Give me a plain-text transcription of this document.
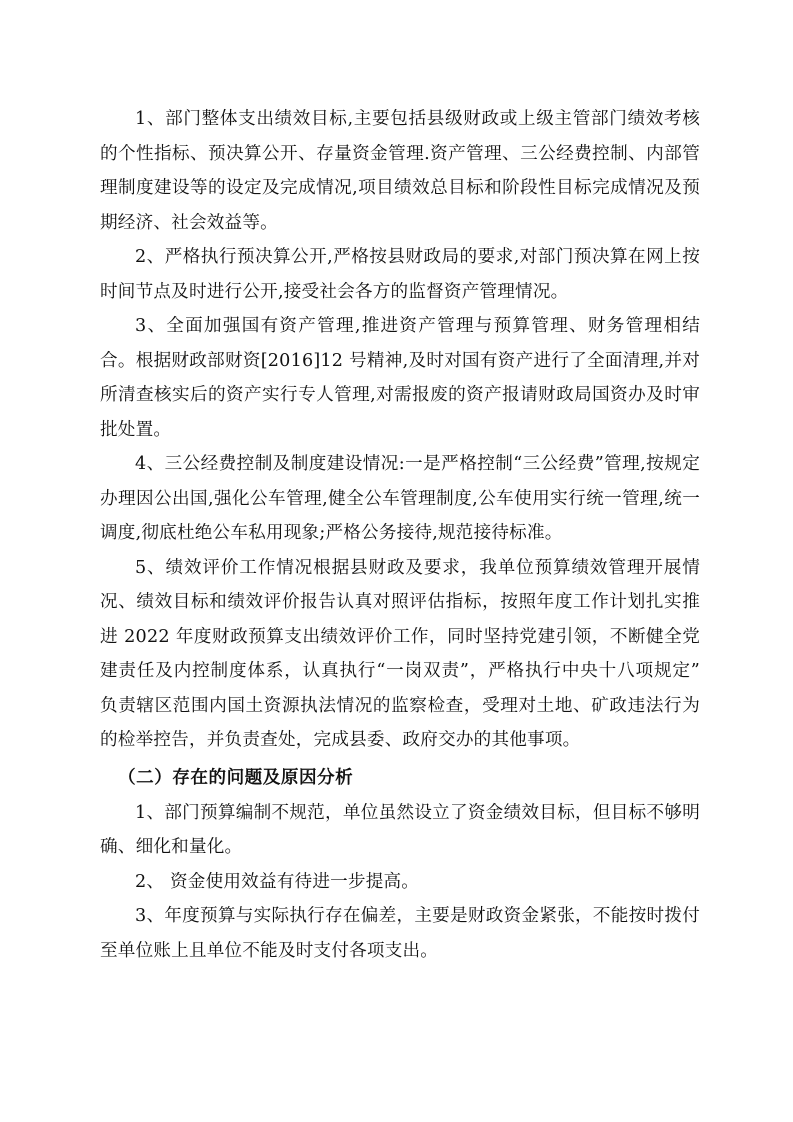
1、部门整体支出绩效目标,主要包括县级财政或上级主管部门绩效考核的个性指标、预决算公开、存量资金管理.资产管理、三公经费控制、内部管理制度建设等的设定及完成情况,项目绩效总目标和阶段性目标完成情况及预期经济、社会效益等。

2、严格执行预决算公开,严格按县财政局的要求,对部门预决算在网上按时间节点及时进行公开,接受社会各方的监督资产管理情况。

3、全面加强国有资产管理,推进资产管理与预算管理、财务管理相结合。根据财政部财资[2016]12 号精神,及时对国有资产进行了全面清理,并对所清查核实后的资产实行专人管理,对需报废的资产报请财政局国资办及时审批处置。

4、三公经费控制及制度建设情况:一是严格控制“三公经费”管理,按规定办理因公出国,强化公车管理,健全公车管理制度,公车使用实行统一管理,统一调度,彻底杜绝公车私用现象;严格公务接待,规范接待标准。

5、绩效评价工作情况根据县财政及要求，我单位预算绩效管理开展情况、绩效目标和绩效评价报告认真对照评估指标，按照年度工作计划扎实推进 2022 年度财政预算支出绩效评价工作，同时坚持党建引领，不断健全党建责任及内控制度体系，认真执行“一岗双责”，严格执行中央十八项规定” 负责辖区范围内国土资源执法情况的监察检查，受理对土地、矿政违法行为的检举控告，并负责查处，完成县委、政府交办的其他事项。

（二）存在的问题及原因分析

1、部门预算编制不规范，单位虽然设立了资金绩效目标，但目标不够明确、细化和量化。

2、 资金使用效益有待进一步提高。

3、年度预算与实际执行存在偏差，主要是财政资金紧张，不能按时拨付至单位账上且单位不能及时支付各项支出。
